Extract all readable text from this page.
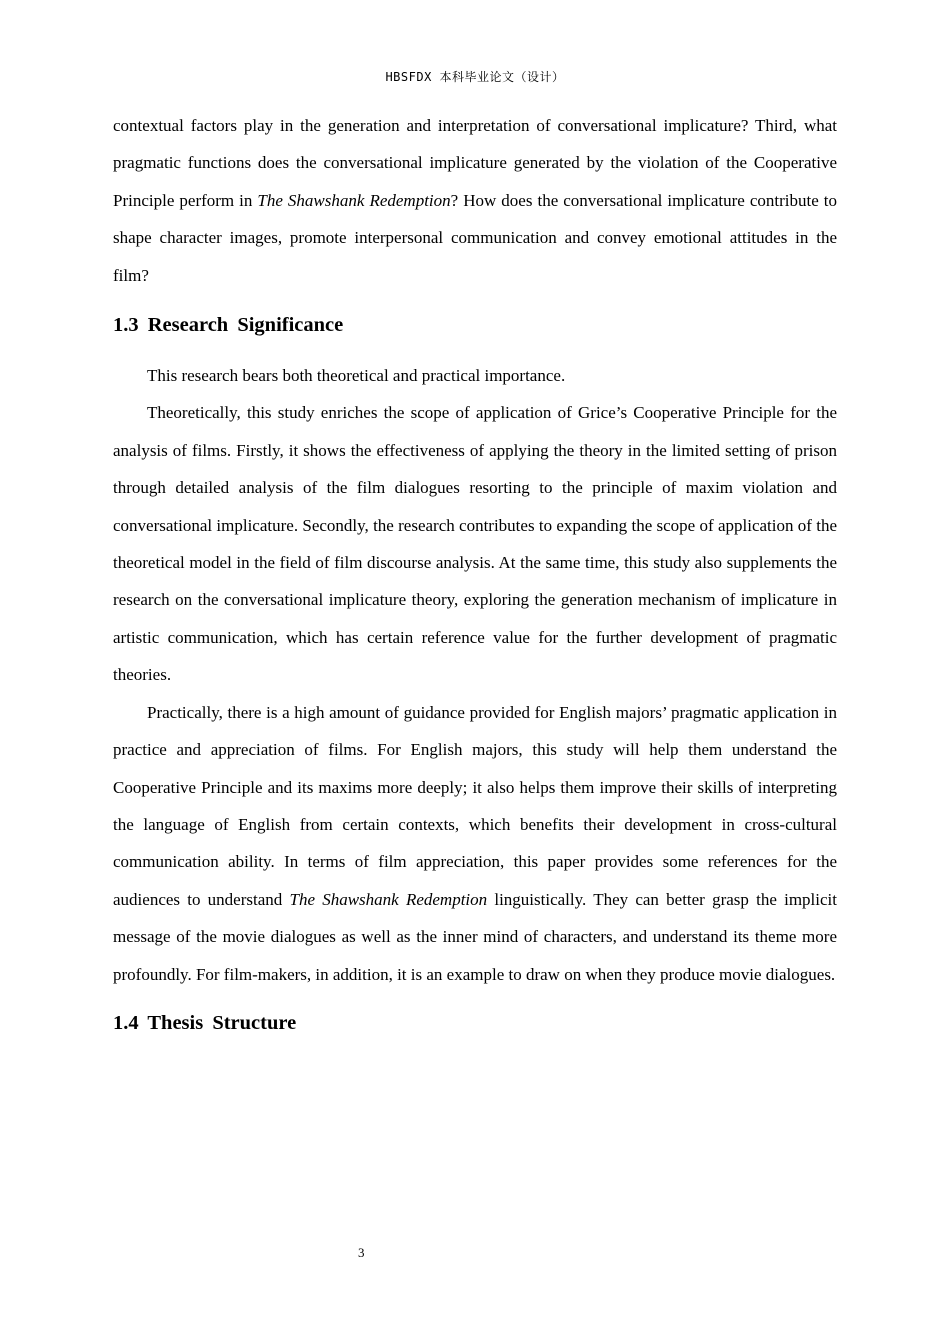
HBSFDX 本科毕业论文（设计）

contextual factors play in the generation and interpretation of conversational implicature? Third, what pragmatic functions does the conversational implicature generated by the violation of the Cooperative Principle perform in The Shawshank Redemption? How does the conversational implicature contribute to shape character images, promote interpersonal communication and convey emotional attitudes in the film?

1.3 Research Significance

This research bears both theoretical and practical importance.

Theoretically, this study enriches the scope of application of Grice’s Cooperative Principle for the analysis of films. Firstly, it shows the effectiveness of applying the theory in the limited setting of prison through detailed analysis of the film dialogues resorting to the principle of maxim violation and conversational implicature. Secondly, the research contributes to expanding the scope of application of the theoretical model in the field of film discourse analysis. At the same time, this study also supplements the research on the conversational implicature theory, exploring the generation mechanism of implicature in artistic communication, which has certain reference value for the further development of pragmatic theories.

Practically, there is a high amount of guidance provided for English majors’ pragmatic application in practice and appreciation of films. For English majors, this study will help them understand the Cooperative Principle and its maxims more deeply; it also helps them improve their skills of interpreting the language of English from certain contexts, which benefits their development in cross-cultural communication ability. In terms of film appreciation, this paper provides some references for the audiences to understand The Shawshank Redemption linguistically. They can better grasp the implicit message of the movie dialogues as well as the inner mind of characters, and understand its theme more profoundly. For film-makers, in addition, it is an example to draw on when they produce movie dialogues.

1.4 Thesis Structure
3
